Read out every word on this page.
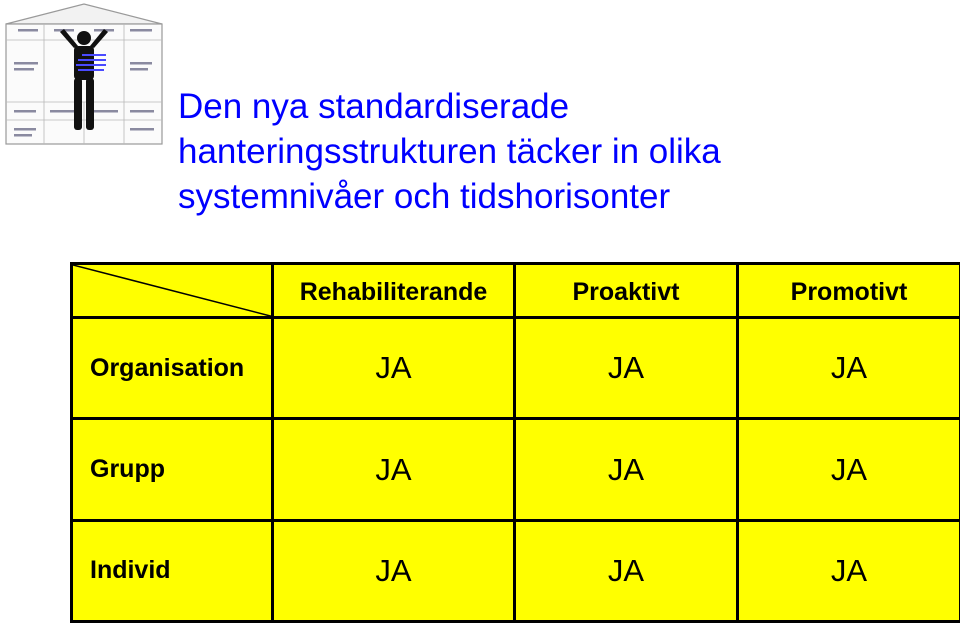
Den nya standardiserade
hanteringsstrukturen täcker in olika
systemnivåer och tidshorisonter
	Rehabiliterande	Proaktivt	Promotivt
Organisation	JA	JA	JA
Grupp	JA	JA	JA
Individ	JA	JA	JA
